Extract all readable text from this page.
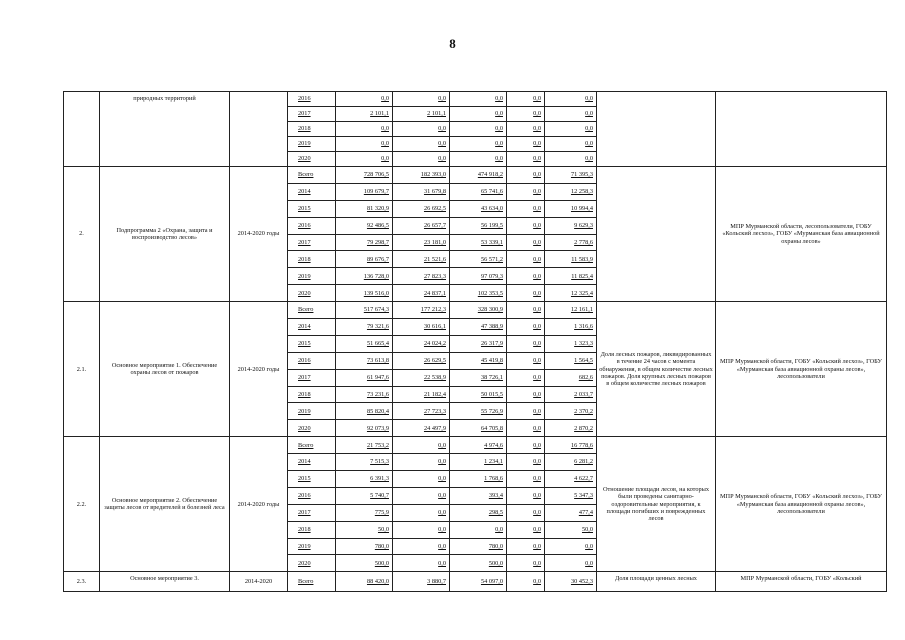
8
	природных территорий		2016	0,0	0,0	0,0	0,0	0,0		
			2017	2 101,1	2 101,1	0,0	0,0	0,0		
			2018	0,0	0,0	0,0	0,0	0,0		
			2019	0,0	0,0	0,0	0,0	0,0		
			2020	0,0	0,0	0,0	0,0	0,0		
2.	Подпрограмма 2 «Охрана, защита и воспроизводство лесов»	2014-2020 годы	Всего	728 706,5	182 393,0	474 918,2	0,0	71 395,3		МПР Мурманской области, лесопользователи, ГОБУ «Кольский лесхоз», ГОБУ «Мурманская база авиационной охраны лесов»
			2014	109 679,7	31 679,8	65 741,6	0,0	12 258,3		
			2015	81 320,9	26 692,5	43 634,0	0,0	10 994,4		
			2016	92 486,5	26 657,7	56 199,5	0,0	9 629,3		
			2017	79 298,7	23 181,0	53 339,1	0,0	2 778,6		
			2018	89 676,7	21 521,6	56 571,2	0,0	11 583,9		
			2019	136 728,0	27 823,3	97 079,3	0,0	11 825,4		
			2020	139 516,0	24 837,1	102 353,5	0,0	12 325,4		
2.1.	Основное мероприятие 1. Обеспечение охраны лесов от пожаров	2014-2020 годы	Всего	517 674,3	177 212,3	328 300,9	0,0	12 161,1	Доля лесных пожаров, ликвидированных в течение 24 часов с момента обнаружения, в общем количестве лесных пожаров. Доля крупных лесных пожаров в общем количестве лесных пожаров	МПР Мурманской области, ГОБУ «Кольский лесхоз», ГОБУ «Мурманская база авиационной охраны лесов», лесопользователи
			2014	79 321,6	30 616,1	47 388,9	0,0	1 316,6		
			2015	51 665,4	24 024,2	26 317,9	0,0	1 323,3		
			2016	73 613,8	26 629,5	45 419,8	0,0	1 564,5		
			2017	61 947,6	22 538,9	38 726,1	0,0	682,6		
			2018	73 231,6	21 182,4	50 015,5	0,0	2 033,7		
			2019	85 820,4	27 723,3	55 726,9	0,0	2 370,2		
			2020	92 073,9	24 497,9	64 705,8	0,0	2 870,2		
2.2.	Основное мероприятие 2. Обеспечение защиты лесов от вредителей и болезней леса	2014-2020 годы	Всего	21 753,2	0,0	4 974,6	0,0	16 778,6	Отношение площади лесов, на которых были проведены санитарно-оздоровительные мероприятия, к площади погибших и поврежденных лесов	МПР Мурманской области, ГОБУ «Кольский лесхоз», ГОБУ «Мурманская база авиационной охраны лесов», лесопользователи
			2014	7 515,3	0,0	1 234,1	0,0	6 281,2		
			2015	6 391,3	0,0	1 768,6	0,0	4 622,7		
			2016	5 740,7	0,0	393,4	0,0	5 347,3		
			2017	775,9	0,0	298,5	0,0	477,4		
			2018	50,0	0,0	0,0	0,0	50,0		
			2019	780,0	0,0	780,0	0,0	0,0		
			2020	500,0	0,0	500,0	0,0	0,0		
2.3.	Основное мероприятие 3.	2014-2020	Всего	88 420,0	3 880,7	54 097,0	0,0	30 452,3	Доля площади ценных лесных	МПР Мурманской области, ГОБУ «Кольский
